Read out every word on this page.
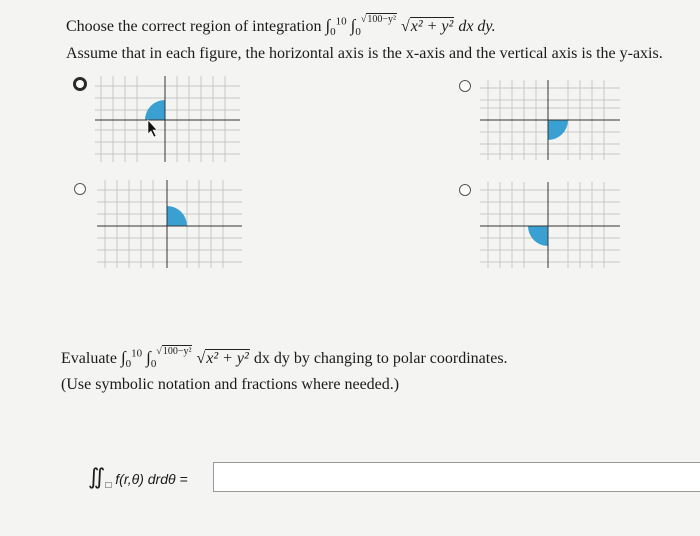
Choose the correct region of integration $\int_0^{10}$ $\int_0^{√100-y^2}$ √x² + y² dx dy.
Assume that in each figure, the horizontal axis is the x-axis and the vertical axis is the y-axis.
Evaluate $\int_0^{10}$ $\int_0^{√100-y^2}$ √x² + y² dx dy by changing to polar coordinates.
(Use symbolic notation and fractions where needed.)
$∬_□$ f(r,θ) drdθ =
